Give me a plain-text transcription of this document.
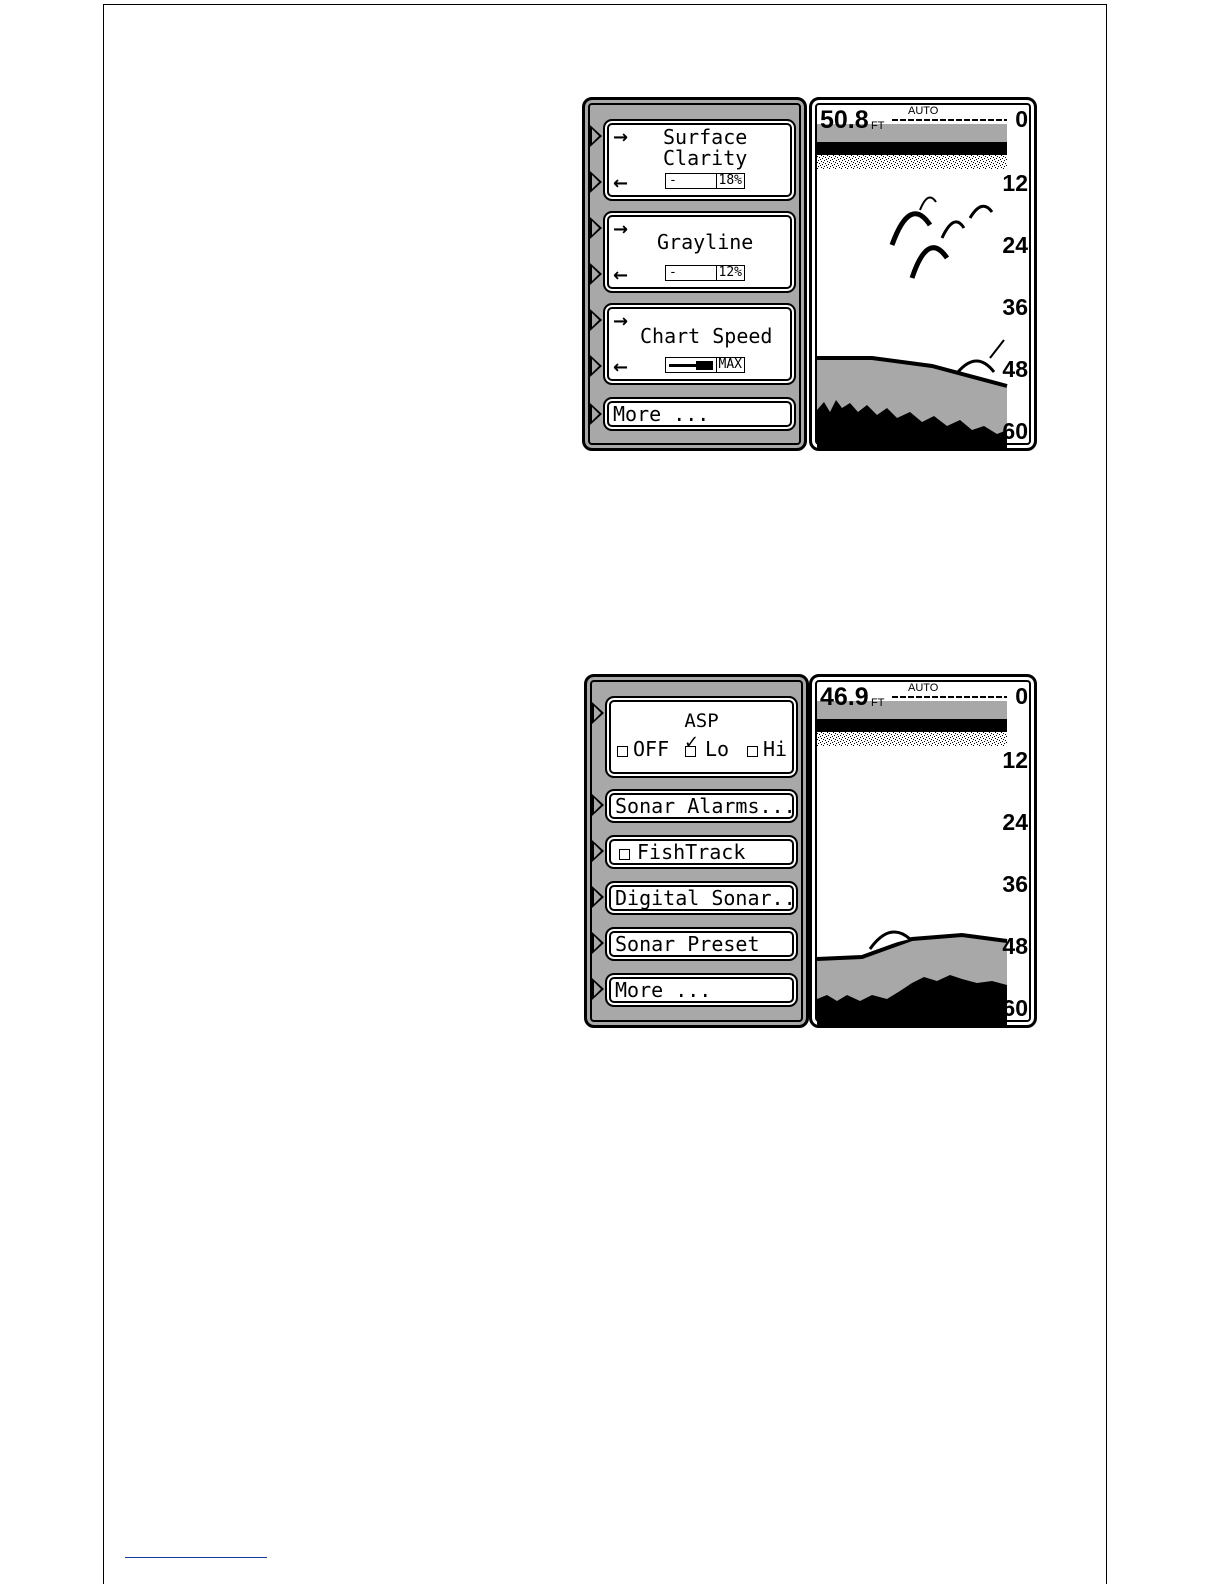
→
←
Surface
Clarity
-	18%
→
←
Grayline
-	12%
→
←
Chart Speed
MAX
More ...
50.8 FT
AUTO	0
12
24
36
48
60
ASP
OFF ✓ Lo Hi
Sonar Alarms...
FishTrack
Digital Sonar..
Sonar Preset
More ...
46.9 FT
AUTO	0
12
24
36
48
60
